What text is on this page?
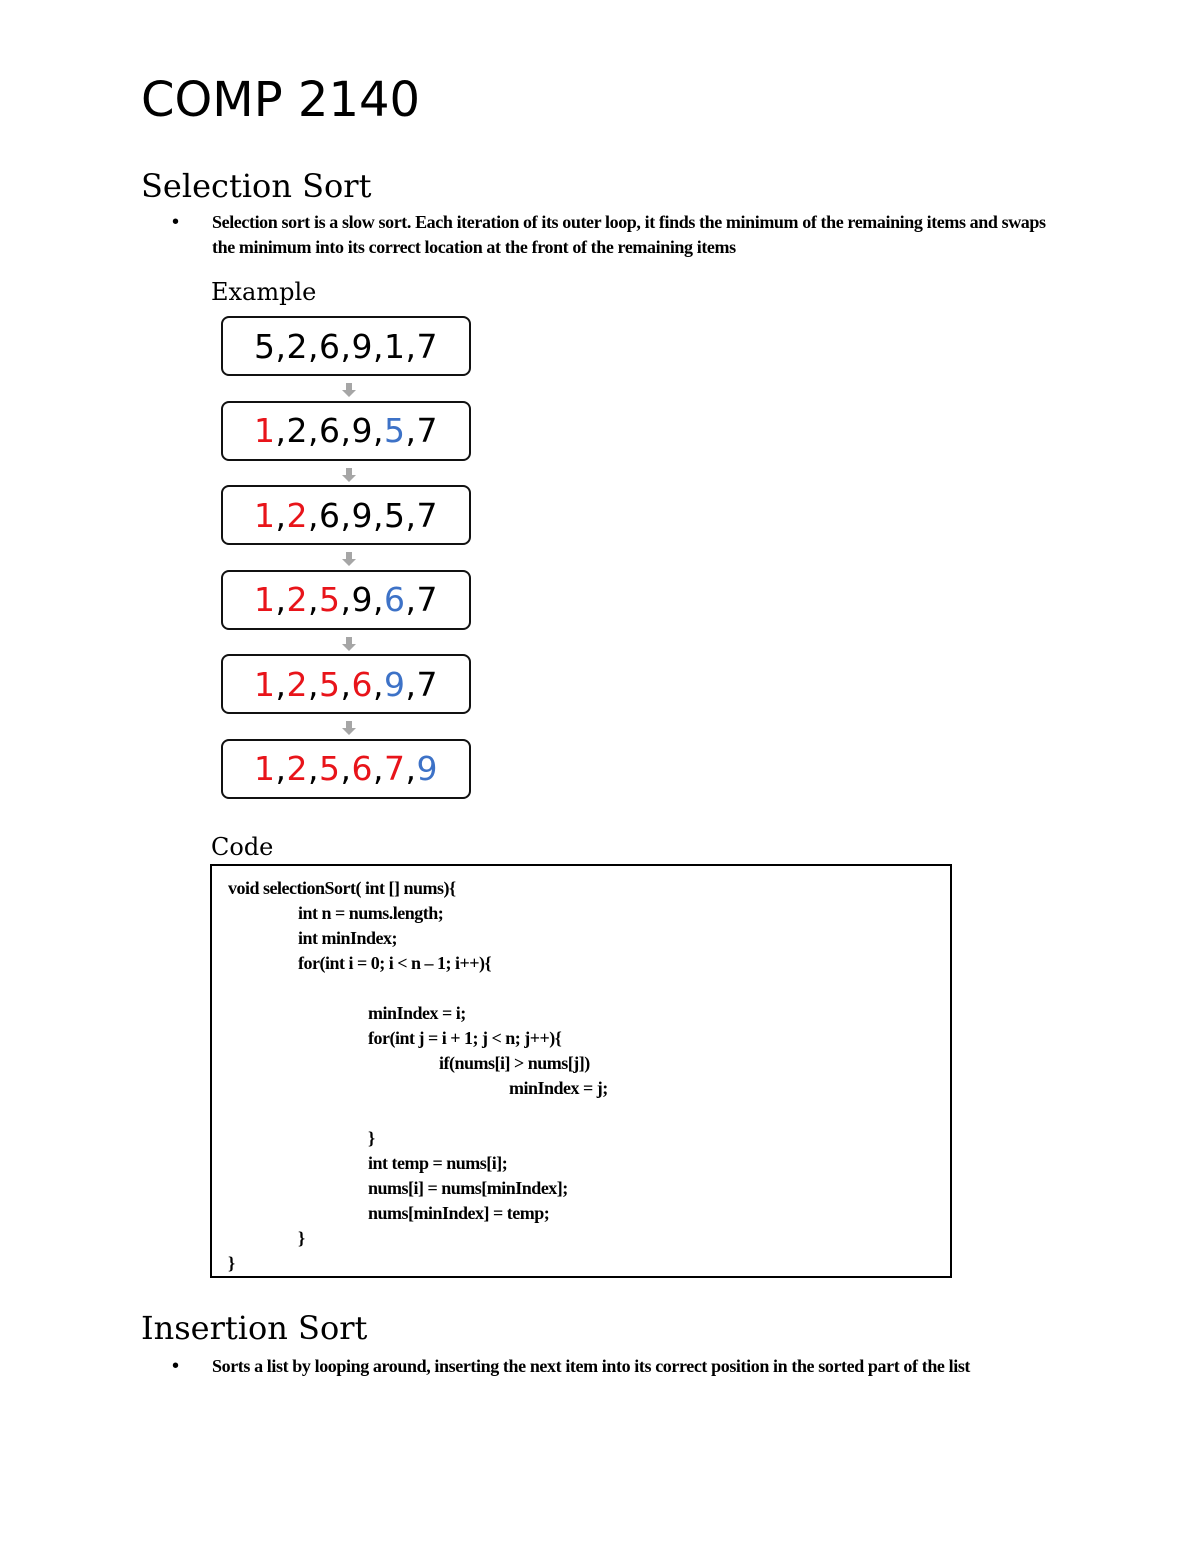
COMP 2140
Selection Sort
•	Selection sort is a slow sort. Each iteration of its outer loop, it finds the minimum of the remaining items and swaps the minimum into its correct location at the front of the remaining items
Example
5 , 2 , 6 , 9 , 1 , 7
1 , 2 , 6 , 9 , 5 , 7
1 , 2 , 6 , 9 , 5 , 7
1 , 2 , 5 , 9 , 6 , 7
1 , 2 , 5 , 6 , 9 , 7
1 , 2 , 5 , 6 , 7 , 9
Code
void selectionSort( int [] nums){
int n = nums.length;
int minIndex;
for(int i = 0; i < n – 1; i++){
minIndex = i;
for(int j = i + 1; j < n; j++){
if(nums[i] > nums[j])
minIndex = j;
}
int temp = nums[i];
nums[i] = nums[minIndex];
nums[minIndex] = temp;
}
}
Insertion Sort
•	Sorts a list by looping around, inserting the next item into its correct position in the sorted part of the list
